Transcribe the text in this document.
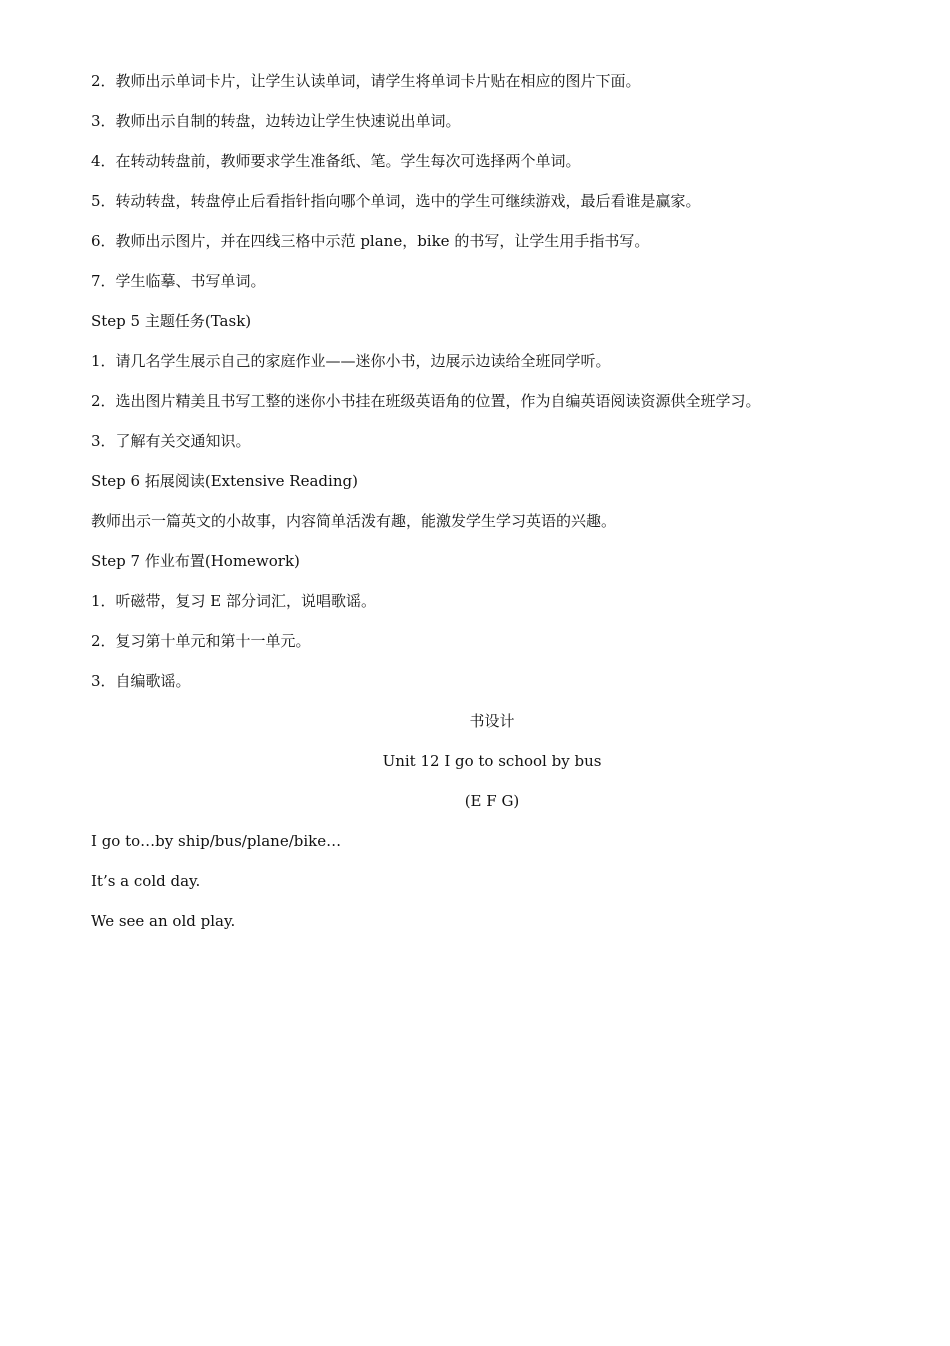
2．教师出示单词卡片，让学生认读单词，请学生将单词卡片贴在相应的图片下面。
3．教师出示自制的转盘，边转边让学生快速说出单词。
4．在转动转盘前，教师要求学生准备纸、笔。学生每次可选择两个单词。
5．转动转盘，转盘停止后看指针指向哪个单词，选中的学生可继续游戏，最后看谁是赢家。
6．教师出示图片，并在四线三格中示范 plane，bike 的书写，让学生用手指书写。
7．学生临摹、书写单词。
Step 5 主题任务(Task)
1．请几名学生展示自己的家庭作业——迷你小书，边展示边读给全班同学听。
2．选出图片精美且书写工整的迷你小书挂在班级英语角的位置，作为自编英语阅读资源供全班学习。
3．了解有关交通知识。
Step 6 拓展阅读(Extensive Reading)
教师出示一篇英文的小故事，内容简单活泼有趣，能激发学生学习英语的兴趣。
Step 7 作业布置(Homework)
1．听磁带，复习 E 部分词汇，说唱歌谣。
2．复习第十单元和第十一单元。
3．自编歌谣。
书设计
Unit 12 I go to school by bus
(E F G)
I go to…by ship/bus/plane/bike…
It’s a cold day.
We see an old play.
